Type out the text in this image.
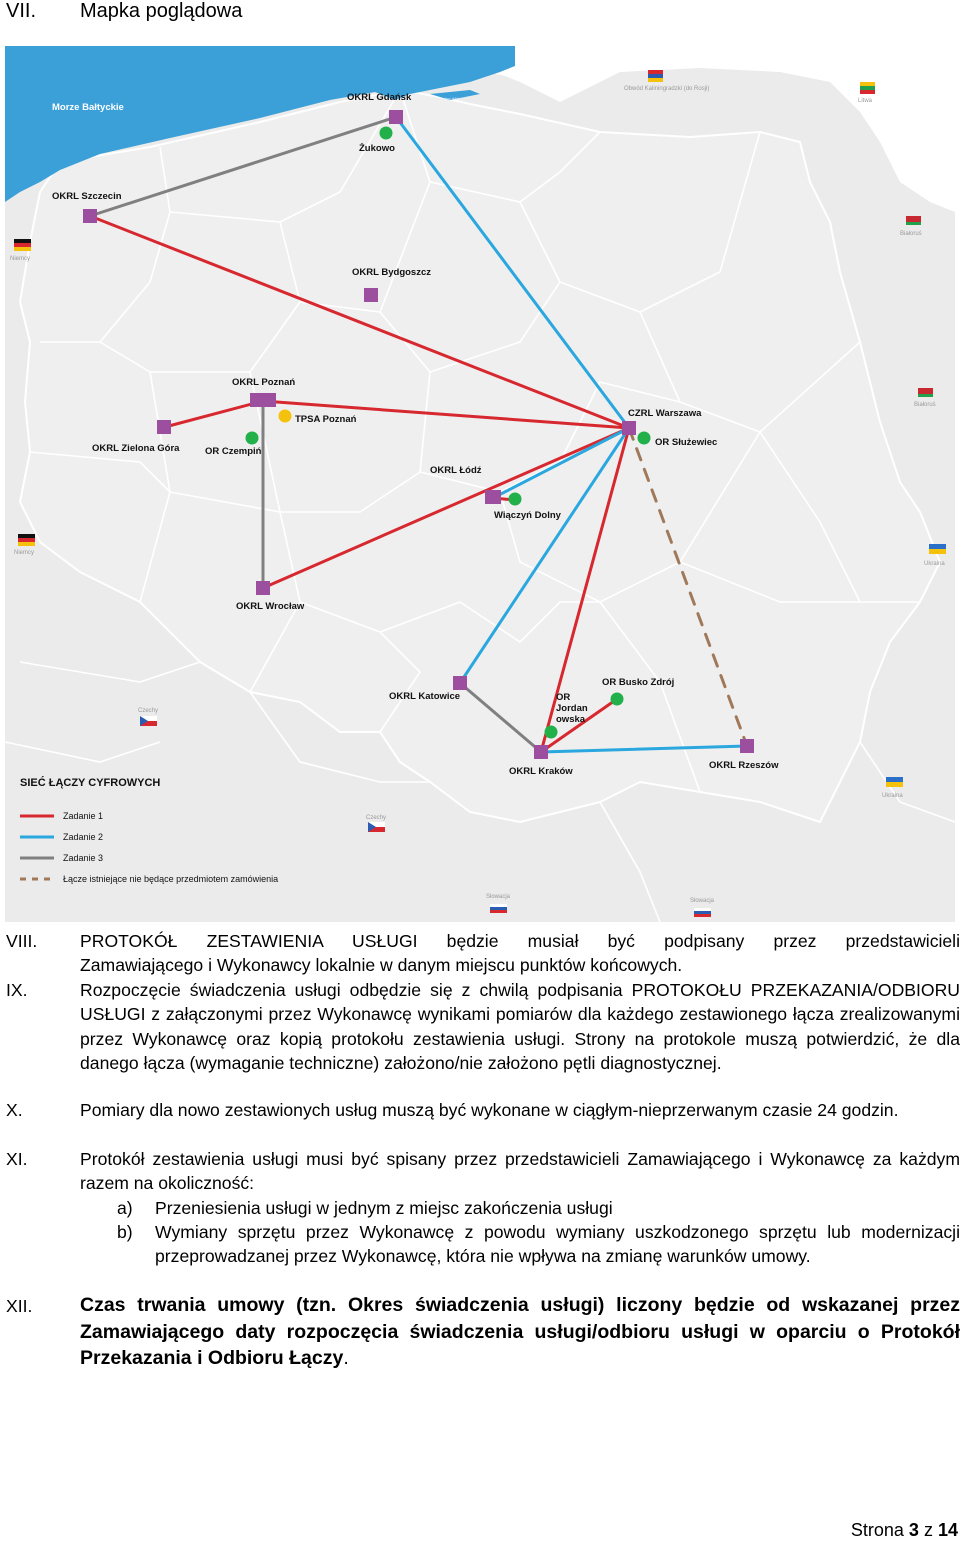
VII. Mapka poglądowa
Morze Bałtyckie
Zalew Wiślany
Obwód Kaliningradzki (do Rosji)
Litwa
Białoruś
Białoruś
Niemcy
Niemcy
Ukraina
Ukraina
Czechy
Czechy
Słowacja
Słowacja
OKRL Gdańsk
Żukowo
OKRL Szczecin
OKRL Bydgoszcz
OKRL Poznań
TPSA Poznań
OKRL Zielona Góra	OR Czempiń
OKRL Łódź
Wiączyń Dolny
CZRL Warszawa
OR Służewiec
OKRL Wrocław
OKRL Katowice	OR
Jordan
owska
OR Busko Zdrój
OKRL Kraków
OKRL Rzeszów
SIEĆ ŁĄCZY CYFROWYCH
Zadanie 1
Zadanie 2
Zadanie 3
Łącze istniejące nie będące przedmiotem zamówienia
VIII. PROTOKÓŁ ZESTAWIENIA USŁUGI będzie musiał być podpisany przez przedstawicieli
Zamawiającego i Wykonawcy lokalnie w danym miejscu punktów końcowych.
IX.	Rozpoczęcie świadczenia usługi odbędzie się z chwilą podpisania PROTOKOŁU PRZEKAZANIA/ODBIORU USŁUGI z załączonymi przez Wykonawcę wynikami pomiarów dla każdego zestawionego łącza zrealizowanymi przez Wykonawcę oraz kopią protokołu zestawienia usługi. Strony na protokole muszą potwierdzić, że dla danego łącza (wymaganie techniczne) założono/nie założono pętli diagnostycznej.
X.	Pomiary dla nowo zestawionych usług muszą być wykonane w ciągłym-nieprzerwanym czasie 24 godzin.
XI.	Protokół zestawienia usługi musi być spisany przez przedstawicieli Zamawiającego i Wykonawcę za każdym razem na okoliczność:
a) Przeniesienia usługi w jednym z miejsc zakończenia usługi
b) Wymiany sprzętu przez Wykonawcę z powodu wymiany uszkodzonego sprzętu lub modernizacji przeprowadzanej przez Wykonawcę, która nie wpływa na zmianę warunków umowy.
XII. Czas trwania umowy (tzn. Okres świadczenia usługi) liczony będzie od wskazanej przez Zamawiającego daty rozpoczęcia świadczenia usługi/odbioru usługi w oparciu o Protokół Przekazania i Odbioru Łączy.
Strona 3 z 14
